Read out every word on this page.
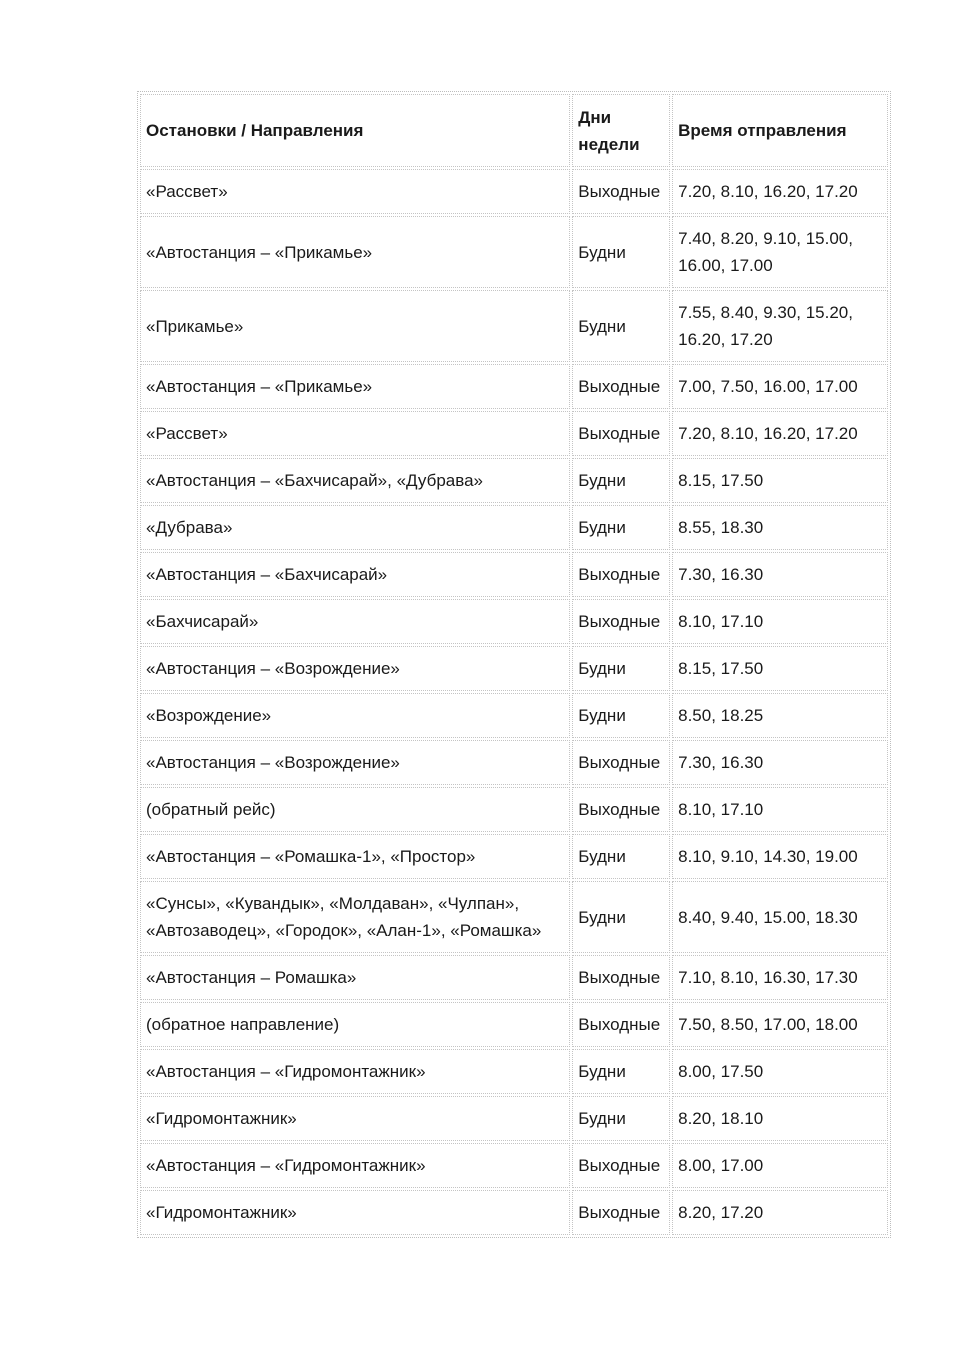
Остановки / Направления	Дни недели	Время отправления
«Рассвет»	Выходные	7.20, 8.10, 16.20, 17.20
«Автостанция – «Прикамье»	Будни	7.40, 8.20, 9.10, 15.00, 16.00, 17.00
«Прикамье»	Будни	7.55, 8.40, 9.30, 15.20, 16.20, 17.20
«Автостанция – «Прикамье»	Выходные	7.00, 7.50, 16.00, 17.00
«Рассвет»	Выходные	7.20, 8.10, 16.20, 17.20
«Автостанция – «Бахчисарай», «Дубрава»	Будни	8.15, 17.50
«Дубрава»	Будни	8.55, 18.30
«Автостанция – «Бахчисарай»	Выходные	7.30, 16.30
«Бахчисарай»	Выходные	8.10, 17.10
«Автостанция – «Возрождение»	Будни	8.15, 17.50
«Возрождение»	Будни	8.50, 18.25
«Автостанция – «Возрождение»	Выходные	7.30, 16.30
(обратный рейс)	Выходные	8.10, 17.10
«Автостанция – «Ромашка-1», «Простор»	Будни	8.10, 9.10, 14.30, 19.00
«Сунсы», «Кувандык», «Молдаван», «Чулпан», «Автозаводец», «Городок», «Алан-1», «Ромашка»	Будни	8.40, 9.40, 15.00, 18.30
«Автостанция – Ромашка»	Выходные	7.10, 8.10, 16.30, 17.30
(обратное направление)	Выходные	7.50, 8.50, 17.00, 18.00
«Автостанция – «Гидромонтажник»	Будни	8.00, 17.50
«Гидромонтажник»	Будни	8.20, 18.10
«Автостанция – «Гидромонтажник»	Выходные	8.00, 17.00
«Гидромонтажник»	Выходные	8.20, 17.20
